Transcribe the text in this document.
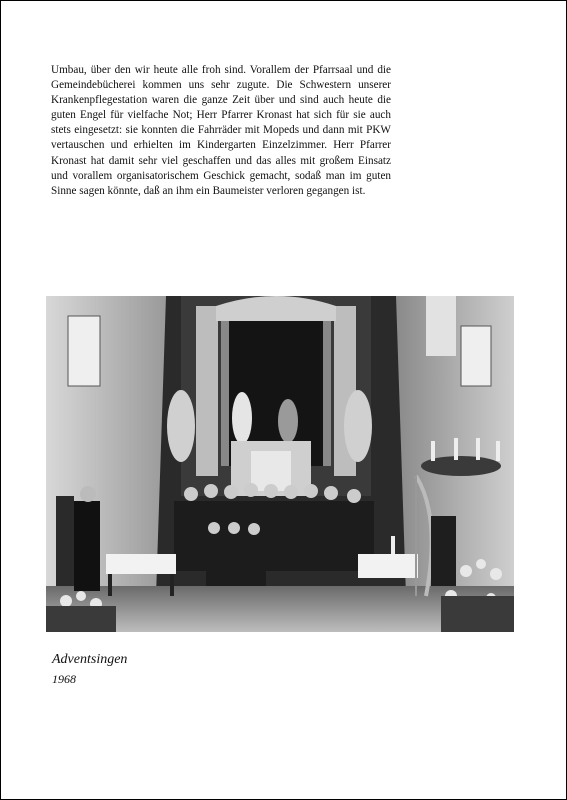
Umbau, über den wir heute alle froh sind. Vorallem der Pfarrsaal und die Gemeindebücherei kommen uns sehr zugute. Die Schwestern unserer Krankenpflegestation waren die ganze Zeit über und sind auch heute die guten Engel für vielfache Not; Herr Pfarrer Kronast hat sich für sie auch stets eingesetzt: sie konnten die Fahrräder mit Mopeds und dann mit PKW vertauschen und erhielten im Kindergarten Einzelzimmer. Herr Pfarrer Kronast hat damit sehr viel geschaffen und das alles mit großem Einsatz und vorallem organisatorischem Geschick gemacht, sodaß man im guten Sinne sagen könnte, daß an ihm ein Baumeister verloren gegangen ist.

Adventsingen
1968
